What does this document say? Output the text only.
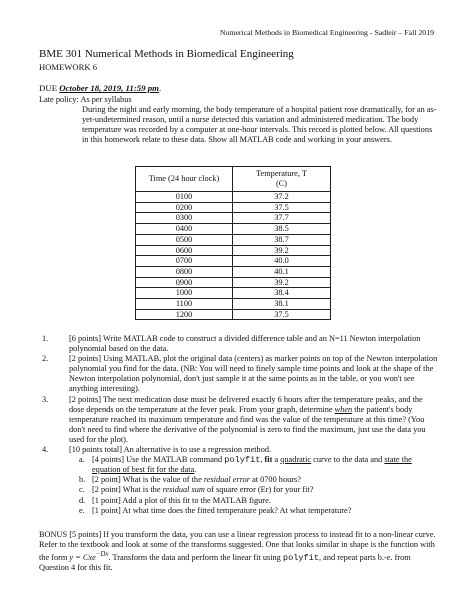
Numerical Methods in Biomedical Engineering - Sadleir – Fall 2019
BME 301 Numerical Methods in Biomedical Engineering
HOMEWORK 6
DUE October 18, 2019, 11:59 pm.
Late policy: As per syllabus
During the night and early morning, the body temperature of a hospital patient rose dramatically, for an as-yet-undetermined reason, until a nurse detected this variation and administered medication. The body temperature was recorded by a computer at one-hour intervals. This record is plotted below. All questions in this homework relate to these data. Show all MATLAB code and working in your answers.
Time (24 hour clock)	Temperature, T
(C)

0100	37.2
0200	37.5
0300	37.7
0400	38.5
0500	38.7
0600	39.2
0700	40.0
0800	40.1
0900	39.2
1000	38.4
1100	38.1
1200	37.5
1.	[6 points] Write MATLAB code to construct a divided difference table and an N=11 Newton interpolation polynomial based on the data.
2.	[2 points] Using MATLAB, plot the original data (centers) as marker points on top of the Newton interpolation polynomial you find for the data. (NB: You will need to finely sample time points and look at the shape of the Newton interpolation polynomial, don't just sample it at the same points as in the table, or you won't see anything interesting).
3.	[2 points] The next medication dose must be delivered exactly 6 hours after the temperature peaks, and the dose depends on the temperature at the fever peak. From your graph, determine when the patient's body temperature reached its maximum temperature and find was the value of the temperature at this time? (You don't need to find where the derivative of the polynomial is zero to find the maximum, just use the data you used for the plot).
4.	[10 points total] An alternative is to use a regression method.
a. [4 points] Use the MATLAB command polyfit, fit a quadratic curve to the data and state the equation of best fit for the data.
b. [2 point] What is the value of the residual error at 0700 hours?
c. [2 point] What is the residual sum of square error (Er) for your fit?
d. [1 point] Add a plot of this fit to the MATLAB figure.
e. [1 point] At what time does the fitted temperature peak? At what temperature?
BONUS [5 points] If you transform the data, you can use a linear regression process to instead fit to a non-linear curve. Refer to the textbook and look at some of the transforms suggested. One that looks similar in shape is the function with the form y = Cxe$^{-Dx}$. Transform the data and perform the linear fit using polyfit, and repeat parts b.-e. from Question 4 for this fit.
